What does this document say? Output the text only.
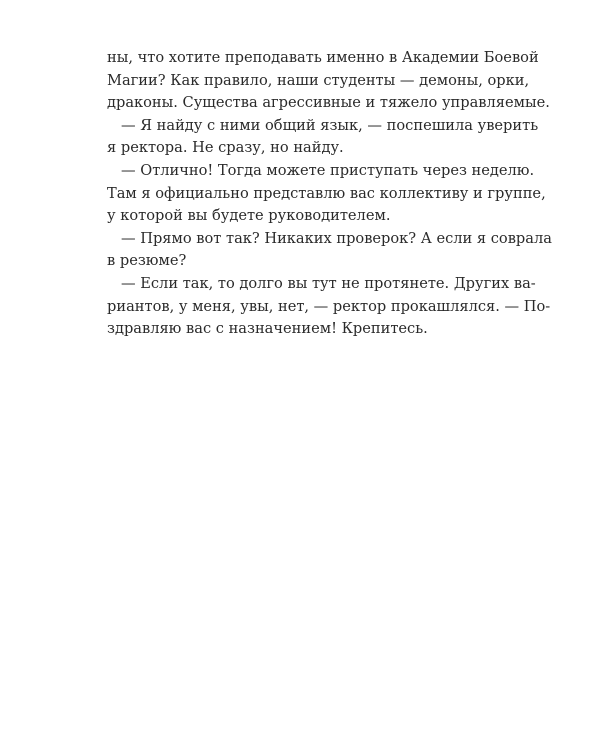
ны, что хотите преподавать именно в Академии Боевой
Магии? Как правило, наши студенты — демоны, орки,
драконы. Существа агрессивные и тяжело управляемые.
— Я найду с ними общий язык, — поспешила уверить
я ректора. Не сразу, но найду.
— Отлично! Тогда можете приступать через неделю.
Там я официально представлю вас коллективу и группе,
у которой вы будете руководителем.
— Прямо вот так? Никаких проверок? А если я соврала
в резюме?
— Если так, то долго вы тут не протянете. Других ва-
риантов, у меня, увы, нет, — ректор прокашлялся. — По-
здравляю вас с назначением! Крепитесь.
